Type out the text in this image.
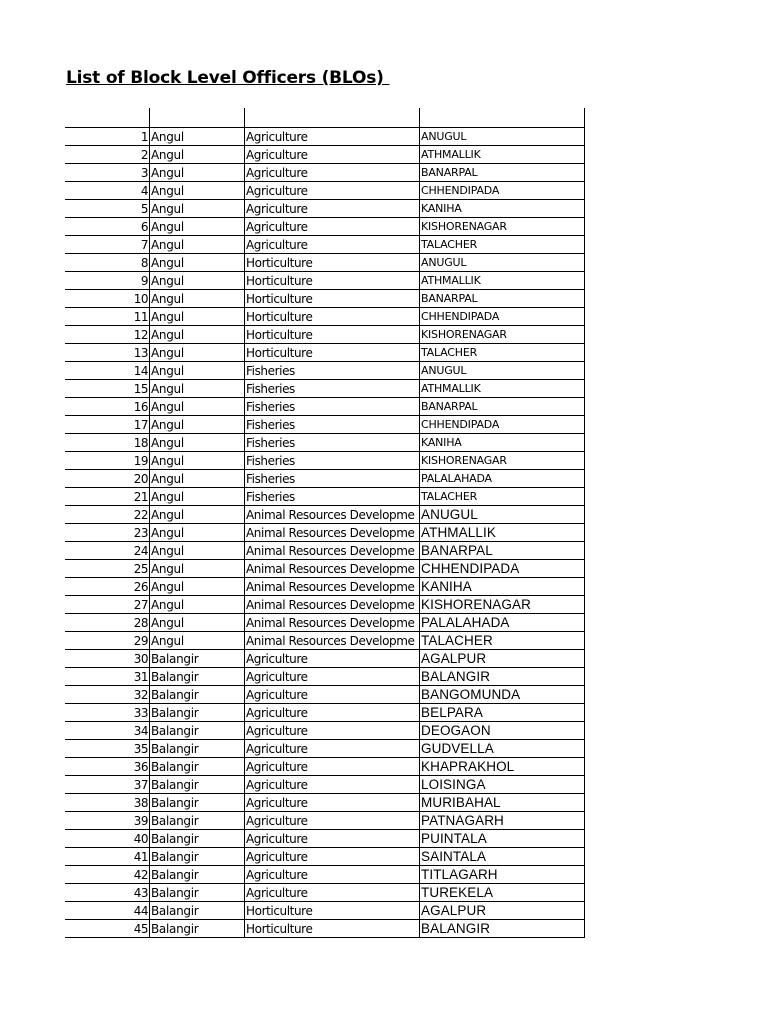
List of Block Level Officers (BLOs)

1	Angul	Agriculture	ANUGUL
2	Angul	Agriculture	ATHMALLIK
3	Angul	Agriculture	BANARPAL
4	Angul	Agriculture	CHHENDIPADA
5	Angul	Agriculture	KANIHA
6	Angul	Agriculture	KISHORENAGAR
7	Angul	Agriculture	TALACHER
8	Angul	Horticulture	ANUGUL
9	Angul	Horticulture	ATHMALLIK
10	Angul	Horticulture	BANARPAL
11	Angul	Horticulture	CHHENDIPADA
12	Angul	Horticulture	KISHORENAGAR
13	Angul	Horticulture	TALACHER
14	Angul	Fisheries	ANUGUL
15	Angul	Fisheries	ATHMALLIK
16	Angul	Fisheries	BANARPAL
17	Angul	Fisheries	CHHENDIPADA
18	Angul	Fisheries	KANIHA
19	Angul	Fisheries	KISHORENAGAR
20	Angul	Fisheries	PALALAHADA
21	Angul	Fisheries	TALACHER
22	Angul	Animal Resources Developme	ANUGUL
23	Angul	Animal Resources Developme	ATHMALLIK
24	Angul	Animal Resources Developme	BANARPAL
25	Angul	Animal Resources Developme	CHHENDIPADA
26	Angul	Animal Resources Developme	KANIHA
27	Angul	Animal Resources Developme	KISHORENAGAR
28	Angul	Animal Resources Developme	PALALAHADA
29	Angul	Animal Resources Developme	TALACHER
30	Balangir	Agriculture	AGALPUR
31	Balangir	Agriculture	BALANGIR
32	Balangir	Agriculture	BANGOMUNDA
33	Balangir	Agriculture	BELPARA
34	Balangir	Agriculture	DEOGAON
35	Balangir	Agriculture	GUDVELLA
36	Balangir	Agriculture	KHAPRAKHOL
37	Balangir	Agriculture	LOISINGA
38	Balangir	Agriculture	MURIBAHAL
39	Balangir	Agriculture	PATNAGARH
40	Balangir	Agriculture	PUINTALA
41	Balangir	Agriculture	SAINTALA
42	Balangir	Agriculture	TITLAGARH
43	Balangir	Agriculture	TUREKELA
44	Balangir	Horticulture	AGALPUR
45	Balangir	Horticulture	BALANGIR
